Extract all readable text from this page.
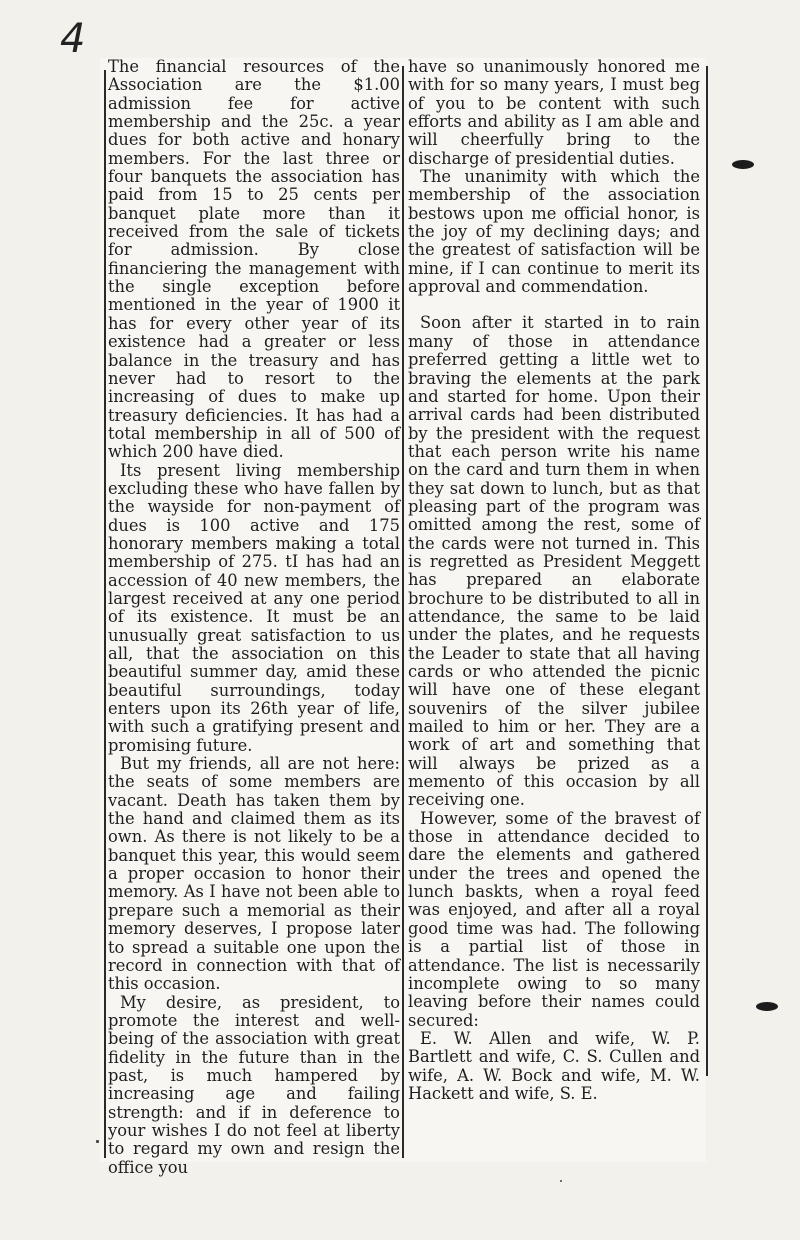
4

The financial resources of the Association are the $1.00 admission fee for active membership and the 25c. a year dues for both active and honary members. For the last three or four banquets the association has paid from 15 to 25 cents per banquet plate more than it received from the sale of tickets for admission. By close financiering the management with the single exception before mentioned in the year of 1900 it has for every other year of its existence had a greater or less balance in the treasury and has never had to resort to the increasing of dues to make up treasury deficiencies. It has had a total membership in all of 500 of which 200 have died.

Its present living membership excluding these who have fallen by the wayside for non-payment of dues is 100 active and 175 honorary members making a total membership of 275. tI has had an accession of 40 new members, the largest received at any one period of its existence. It must be an unusually great satisfaction to us all, that the association on this beautiful summer day, amid these beautiful surroundings, today enters upon its 26th year of life, with such a gratifying present and promising future.

But my friends, all are not here: the seats of some members are vacant. Death has taken them by the hand and claimed them as its own. As there is not likely to be a banquet this year, this would seem a proper occasion to honor their memory. As I have not been able to prepare such a memorial as their memory deserves, I propose later to spread a suitable one upon the record in connection with that of this occasion.

My desire, as president, to promote the interest and well-being of the association with great fidelity in the future than in the past, is much hampered by increasing age and failing strength: and if in deference to your wishes I do not feel at liberty to regard my own and resign the office you

have so unanimously honored me with for so many years, I must beg of you to be content with such efforts and ability as I am able and will cheerfully bring to the discharge of presidential duties.

The unanimity with which the membership of the association bestows upon me official honor, is the joy of my declining days; and the greatest of satisfaction will be mine, if I can continue to merit its approval and commendation.

Soon after it started in to rain many of those in attendance preferred getting a little wet to braving the elements at the park and started for home. Upon their arrival cards had been distributed by the president with the request that each person write his name on the card and turn them in when they sat down to lunch, but as that pleasing part of the program was omitted among the rest, some of the cards were not turned in. This is regretted as President Meggett has prepared an elaborate brochure to be distributed to all in attendance, the same to be laid under the plates, and he requests the Leader to state that all having cards or who attended the picnic will have one of these elegant souvenirs of the silver jubilee mailed to him or her. They are a work of art and something that will always be prized as a memento of this occasion by all receiving one.

However, some of the bravest of those in attendance decided to dare the elements and gathered under the trees and opened the lunch baskts, when a royal feed was enjoyed, and after all a royal good time was had. The following is a partial list of those in attendance. The list is necessarily incomplete owing to so many leaving before their names could secured:

E. W. Allen and wife, W. P. Bartlett and wife, C. S. Cullen and wife, A. W. Bock and wife, M. W. Hackett and wife, S. E.
